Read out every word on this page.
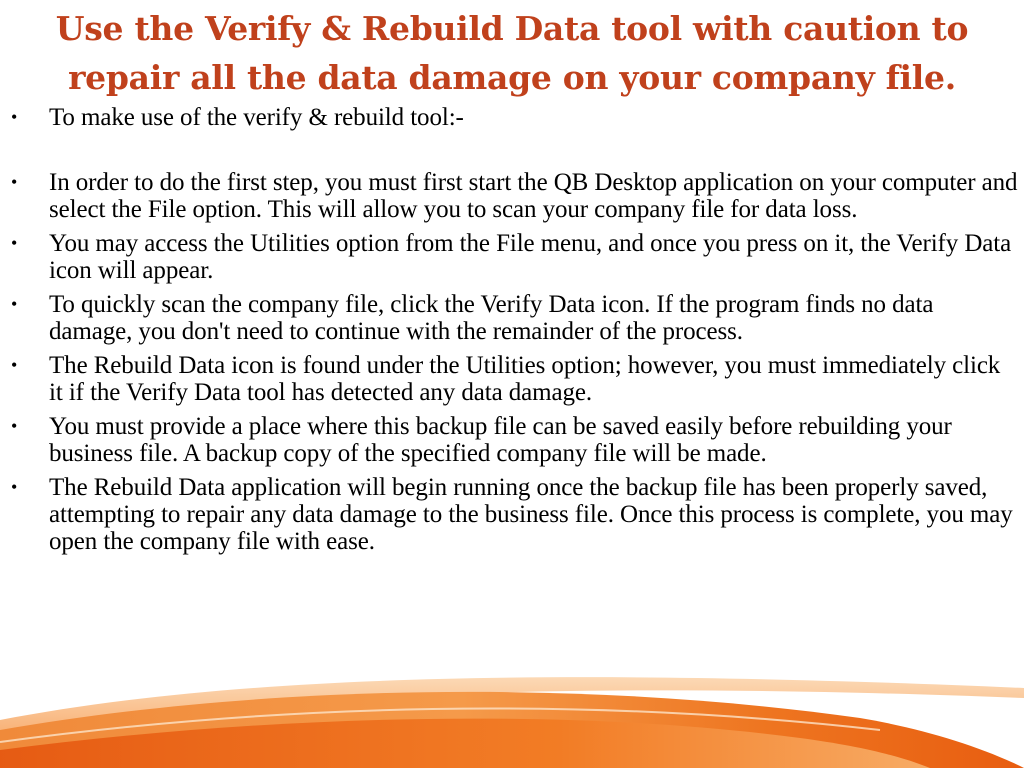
Use the Verify & Rebuild Data tool with caution to repair all the data damage on your company file.
• To make use of the verify & rebuild tool:-
• In order to do the first step, you must first start the QB Desktop application on your computer and select the File option. This will allow you to scan your company file for data loss.
• You may access the Utilities option from the File menu, and once you press on it, the Verify Data icon will appear.
• To quickly scan the company file, click the Verify Data icon. If the program finds no data damage, you don't need to continue with the remainder of the process.
• The Rebuild Data icon is found under the Utilities option; however, you must immediately click it if the Verify Data tool has detected any data damage.
• You must provide a place where this backup file can be saved easily before rebuilding your business file. A backup copy of the specified company file will be made.
• The Rebuild Data application will begin running once the backup file has been properly saved, attempting to repair any data damage to the business file. Once this process is complete, you may open the company file with ease.
